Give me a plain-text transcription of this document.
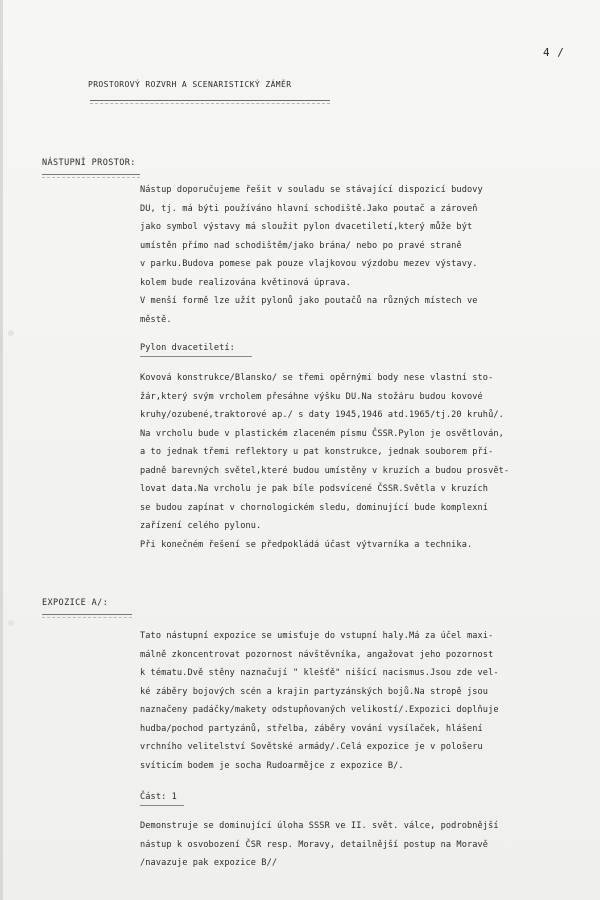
4 /
PROSTOROVÝ ROZVRH A SCENARISTICKÝ ZÁMĚR
NÁSTUPNÍ PROSTOR:
Nástup doporučujeme řešit v souladu se stávající dispozicí budovy
DU, tj. má býti používáno hlavní schodiště.Jako poutač a zároveň
jako symbol výstavy má sloužit pylon dvacetiletí,který může být
umístěn přímo nad schodištěm/jako brána/ nebo po pravé straně
v parku.Budova pomese pak pouze vlajkovou výzdobu mezev výstavy.
kolem bude realizována květinová úprava.
V menší formě lze užít pylonů jako poutačů na různých místech ve
městě.
Pylon dvacetiletí:
Kovová konstrukce/Blansko/ se třemi opěrnými body nese vlastní sto-
žár,který svým vrcholem přesáhne výšku DU.Na stožáru budou kovové
kruhy/ozubené,traktorové ap./ s daty 1945,1946 atd.1965/tj.20 kruhů/.
Na vrcholu bude v plastickém zlaceném písmu ČSSR.Pylon je osvětlován,
a to jednak třemi reflektory u pat konstrukce, jednak souborem pří-
padně barevných světel,které budou umístěny v kruzích a budou prosvět-
lovat data.Na vrcholu je pak bíle podsvícené ČSSR.Světla v kruzích
se budou zapínat v chornologickém sledu, dominující bude komplexní
zařízení celého pylonu.
Při konečném řešení se předpokládá účast výtvarníka a technika.
EXPOZICE A/:
Tato nástupní expozice se umisťuje do vstupní haly.Má za účel maxi-
málně zkoncentrovat pozornost návštěvníka, angažovat jeho pozornost
k tématu.Dvě stěny naznačují " klešťě" nišící nacismus.Jsou zde vel-
ké záběry bojových scén a krajin partyzánských bojů.Na stropě jsou
naznačeny padáčky/makety odstupňovaných velikostí/.Expozici doplňuje
hudba/pochod partyzánů, střelba, záběry vování vysílaček, hlášení
vrchního velitelství Sovětské armády/.Celá expozice je v pološeru
svíticím bodem je socha Rudoarmějce z expozice B/.
Část: 1
Demonstruje se dominující úloha SSSR ve II. svět. válce, podrobnější
nástup k osvobození ČSR resp. Moravy, detailnější postup na Moravě
/navazuje pak expozice B//
